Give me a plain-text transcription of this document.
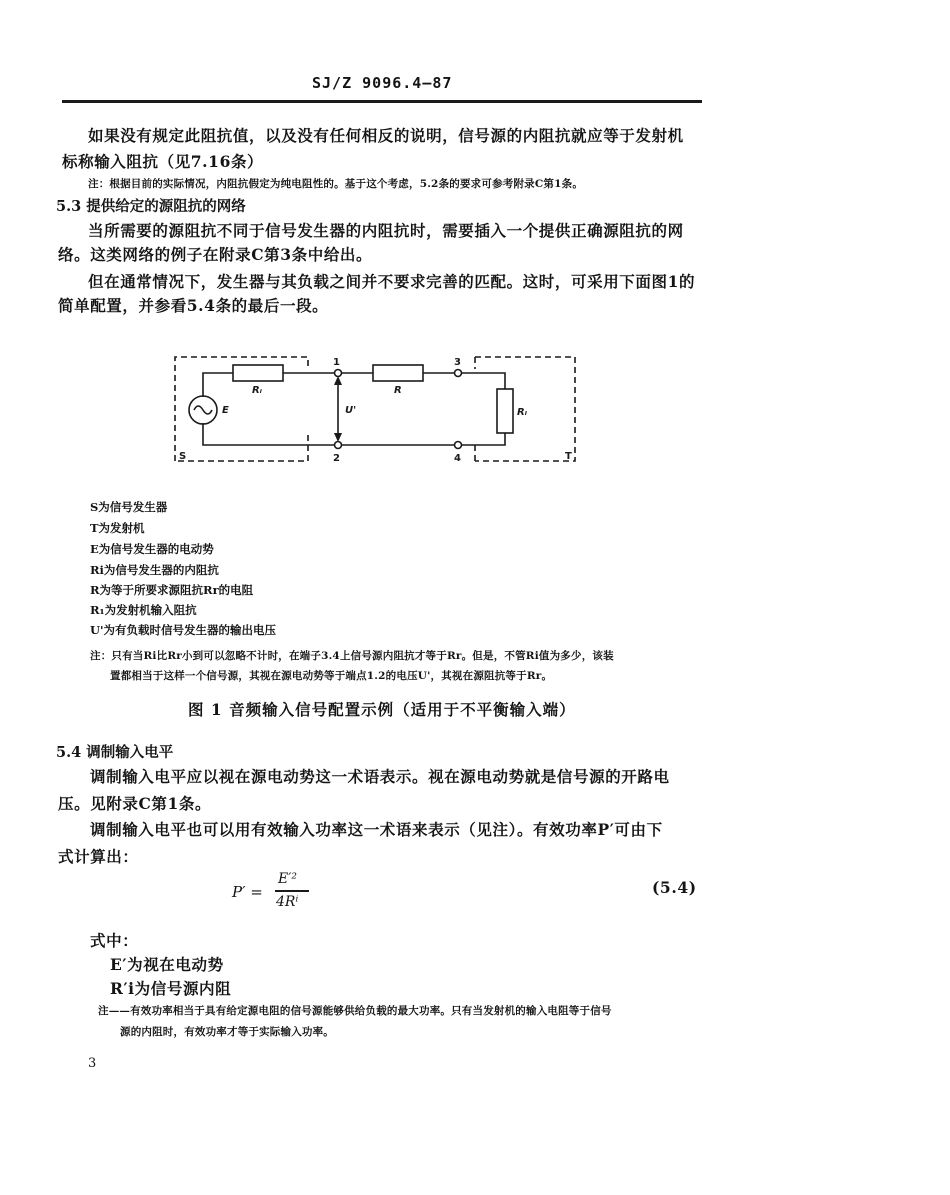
SJ/Z 9096.4—87
如果没有规定此阻抗值，以及没有任何相反的说明，信号源的内阻抗就应等于发射机
标称输入阻抗（见7.16条）
注：根据目前的实际情况，内阻抗假定为纯电阻性的。基于这个考虑，5.2条的要求可参考附录C第1条。
5.3 提供给定的源阻抗的网络
当所需要的源阻抗不同于信号发生器的内阻抗时，需要插入一个提供正确源阻抗的网
络。这类网络的例子在附录C第3条中给出。
但在通常情况下，发生器与其负载之间并不要求完善的匹配。这时，可采用下面图1的
简单配置，并参看5.4条的最后一段。
Rᵢ
E
R
U'	Rₗ
1
2
3
4
S	T
S为信号发生器
T为发射机
E为信号发生器的电动势
Ri为信号发生器的内阻抗
R为等于所要求源阻抗Rr的电阻
R₁为发射机输入阻抗
U'为有负载时信号发生器的输出电压
注：只有当Ri比Rr小到可以忽略不计时，在端子3.4上信号源内阻抗才等于Rr。但是，不管Ri值为多少，该装
置都相当于这样一个信号源，其视在源电动势等于端点1.2的电压U'，其视在源阻抗等于Rr。
图 1 音频输入信号配置示例（适用于不平衡输入端）
5.4 调制输入电平
调制输入电平应以视在源电动势这一术语表示。视在源电动势就是信号源的开路电
压。见附录C第1条。
调制输入电平也可以用有效输入功率这一术语来表示（见注）。有效功率P′可由下
式计算出：
P′ =
E′²
4Rⁱ
(5.4)
式中：
E′为视在电动势
R′i为信号源内阻
注——有效功率相当于具有给定源电阻的信号源能够供给负载的最大功率。只有当发射机的输入电阻等于信号
源的内阻时，有效功率才等于实际输入功率。
3
